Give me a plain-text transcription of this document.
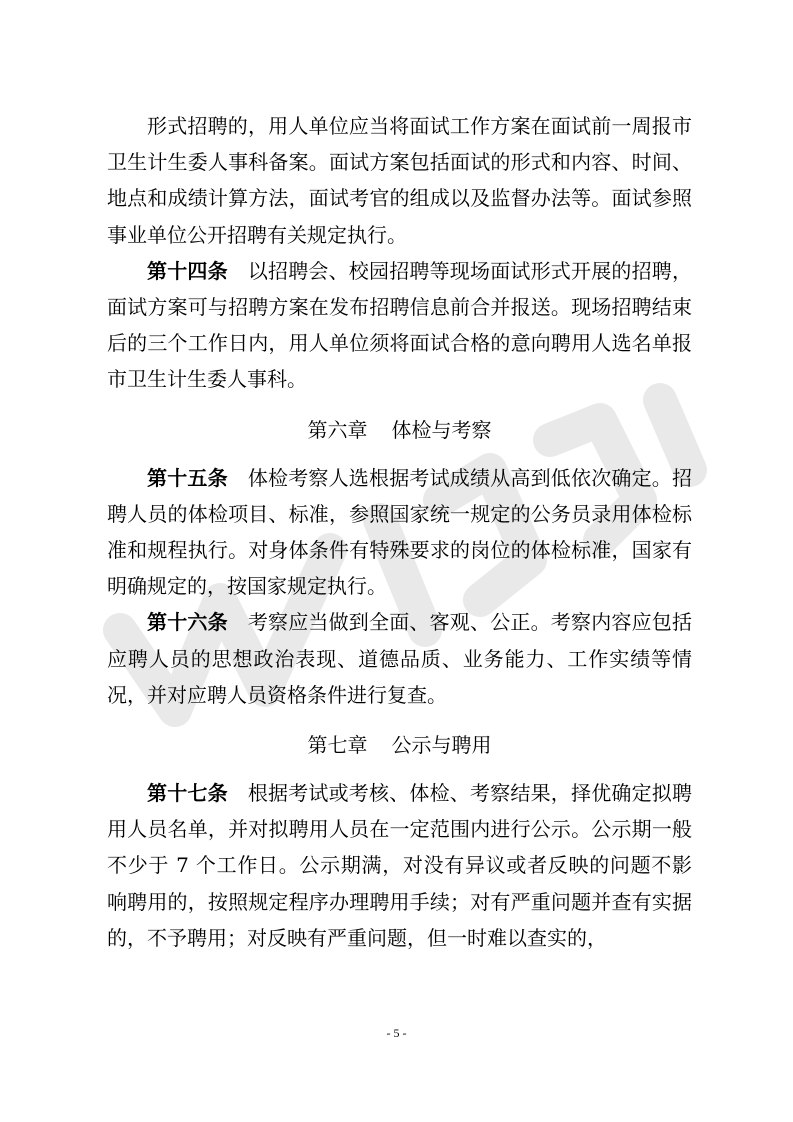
形式招聘的，用人单位应当将面试工作方案在面试前一周报市卫生计生委人事科备案。面试方案包括面试的形式和内容、时间、地点和成绩计算方法，面试考官的组成以及监督办法等。面试参照事业单位公开招聘有关规定执行。

第十四条 以招聘会、校园招聘等现场面试形式开展的招聘，面试方案可与招聘方案在发布招聘信息前合并报送。现场招聘结束后的三个工作日内，用人单位须将面试合格的意向聘用人选名单报市卫生计生委人事科。

第六章 体检与考察

第十五条 体检考察人选根据考试成绩从高到低依次确定。招聘人员的体检项目、标准，参照国家统一规定的公务员录用体检标准和规程执行。对身体条件有特殊要求的岗位的体检标准，国家有明确规定的，按国家规定执行。

第十六条 考察应当做到全面、客观、公正。考察内容应包括应聘人员的思想政治表现、道德品质、业务能力、工作实绩等情况，并对应聘人员资格条件进行复查。

第七章 公示与聘用

第十七条 根据考试或考核、体检、考察结果，择优确定拟聘用人员名单，并对拟聘用人员在一定范围内进行公示。公示期一般不少于 7 个工作日。公示期满，对没有异议或者反映的问题不影响聘用的，按照规定程序办理聘用手续；对有严重问题并查有实据的，不予聘用；对反映有严重问题，但一时难以查实的，

- 5 -
